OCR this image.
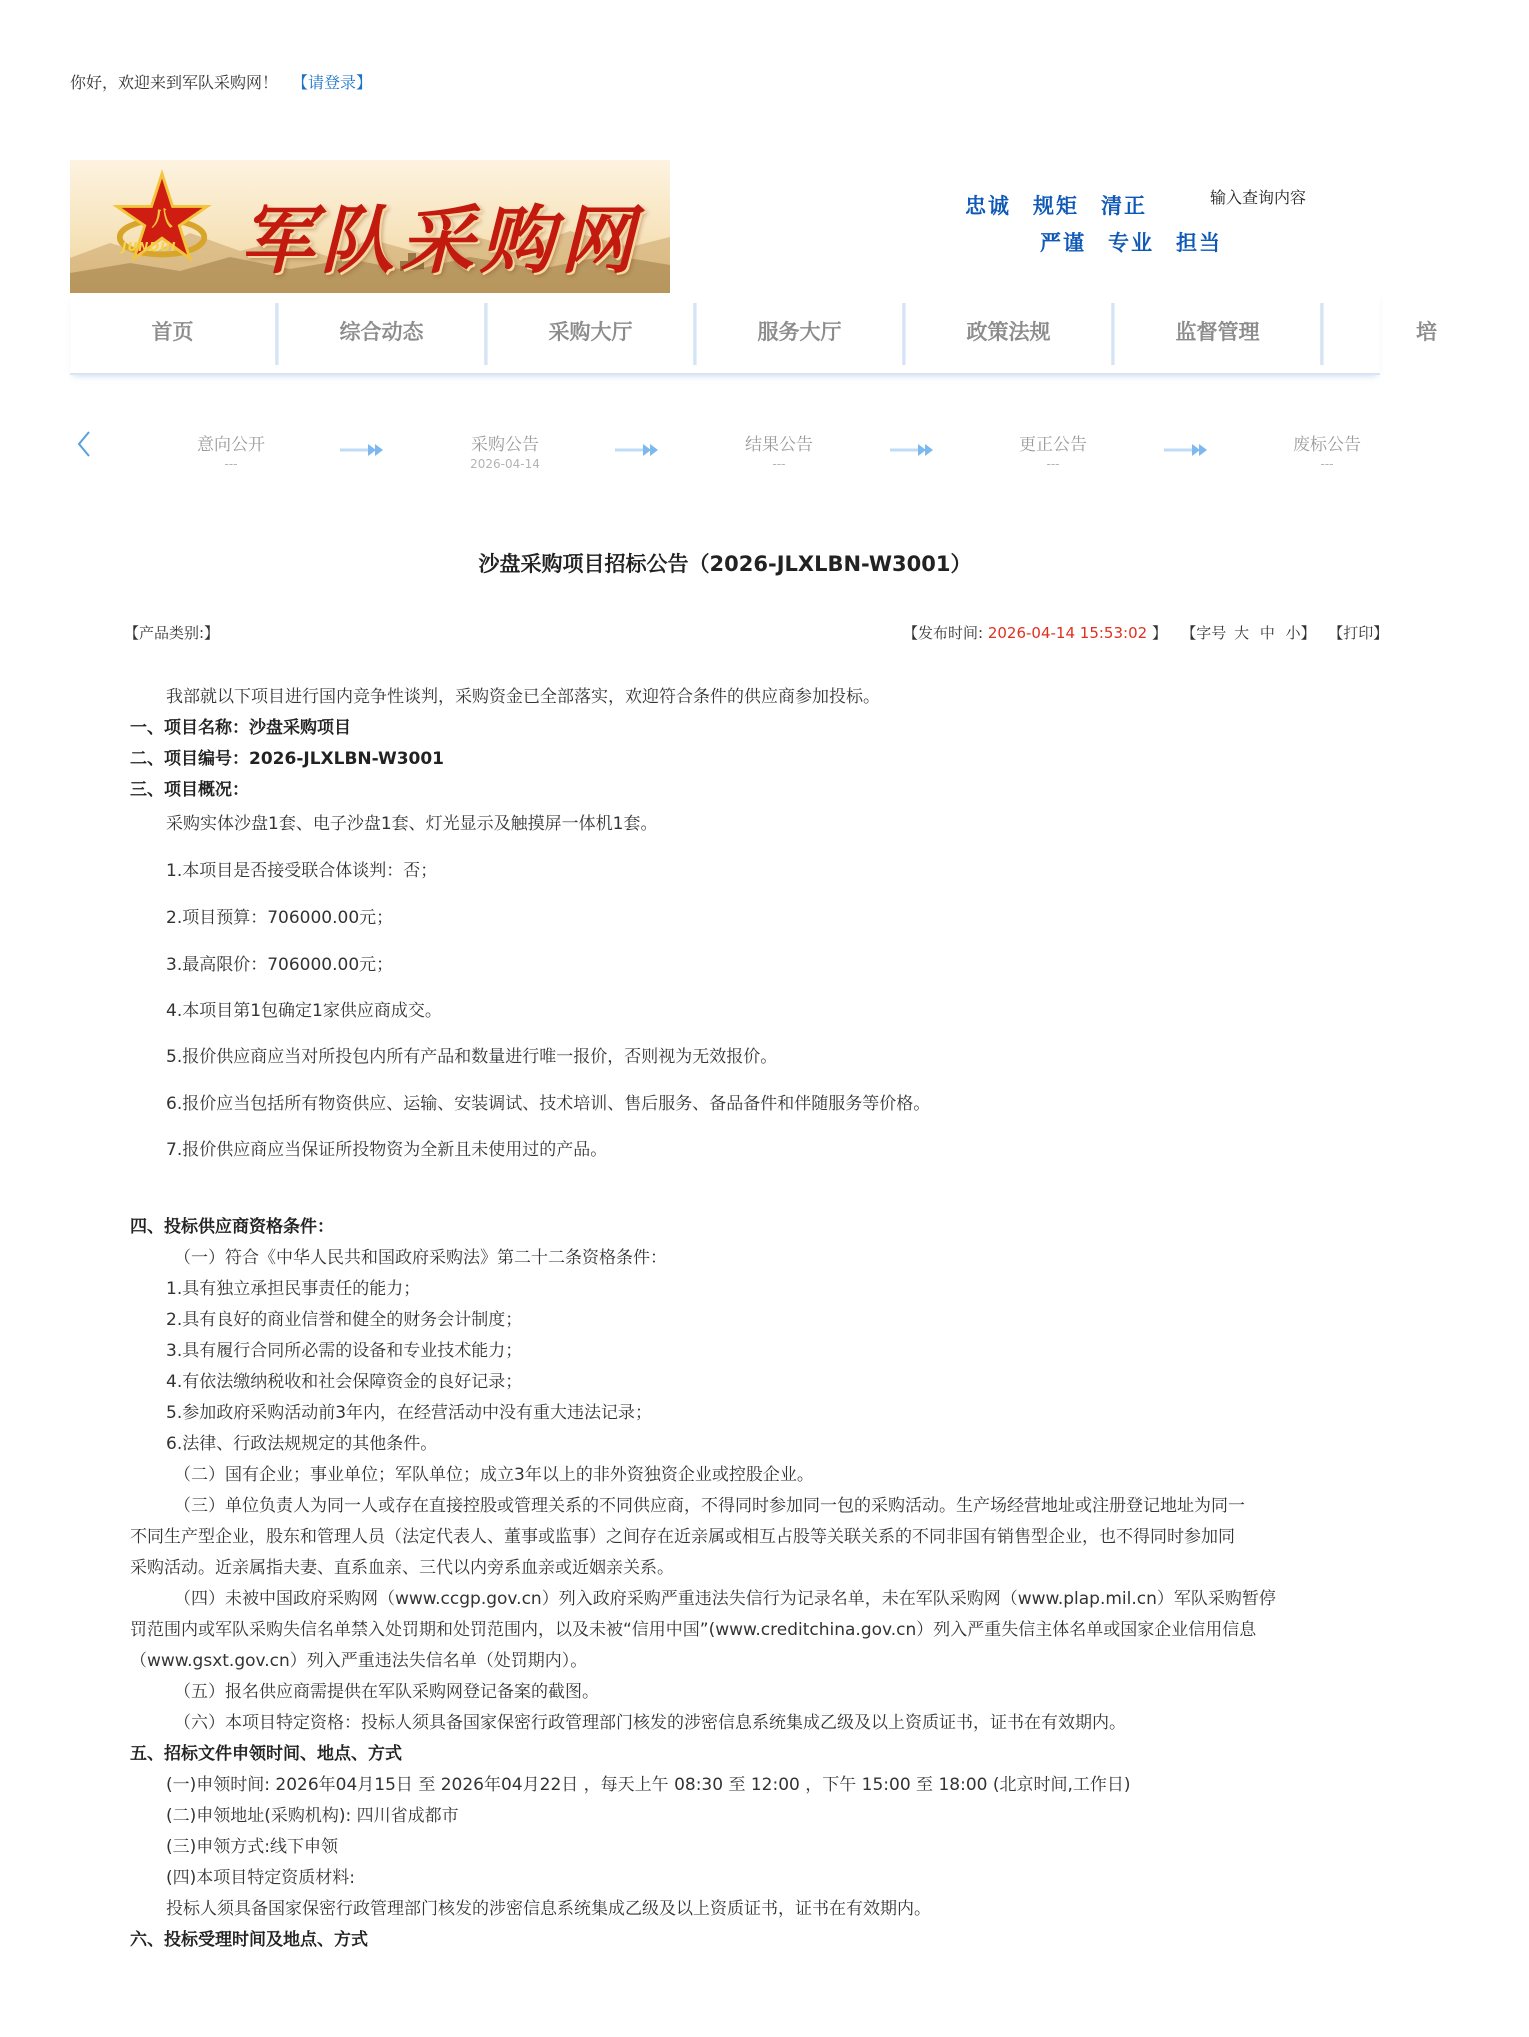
你好，欢迎来到军队采购网！ 【请登录】
八
JUNDUI 军队采购网	忠诚 规矩 清正
严谨 专业 担当
输入查询内容
首页	综合动态	采购大厅	服务大厅	政策法规	监督管理	培
意向公开
---
采购公告
2026-04-14
结果公告
---
更正公告
---
废标公告
---
沙盘采购项目招标公告（2026-JLXLBN-W3001）
【产品类别:】	【发布时间: 2026-04-14 15:53:02 】 【字号 大 中 小】 【打印】
我部就以下项目进行国内竞争性谈判，采购资金已全部落实，欢迎符合条件的供应商参加投标。
一、项目名称：沙盘采购项目
二、项目编号：2026-JLXLBN-W3001
三、项目概况：
采购实体沙盘1套、电子沙盘1套、灯光显示及触摸屏一体机1套。
1.本项目是否接受联合体谈判：否；
2.项目预算：706000.00元；
3.最高限价：706000.00元；
4.本项目第1包确定1家供应商成交。
5.报价供应商应当对所投包内所有产品和数量进行唯一报价，否则视为无效报价。
6.报价应当包括所有物资供应、运输、安装调试、技术培训、售后服务、备品备件和伴随服务等价格。
7.报价供应商应当保证所投物资为全新且未使用过的产品。
四、投标供应商资格条件：
（一）符合《中华人民共和国政府采购法》第二十二条资格条件：
1.具有独立承担民事责任的能力；
2.具有良好的商业信誉和健全的财务会计制度；
3.具有履行合同所必需的设备和专业技术能力；
4.有依法缴纳税收和社会保障资金的良好记录；
5.参加政府采购活动前3年内，在经营活动中没有重大违法记录；
6.法律、行政法规规定的其他条件。
（二）国有企业；事业单位；军队单位；成立3年以上的非外资独资企业或控股企业。
（三）单位负责人为同一人或存在直接控股或管理关系的不同供应商，不得同时参加同一包的采购活动。生产场经营地址或注册登记地址为同一
不同生产型企业，股东和管理人员（法定代表人、董事或监事）之间存在近亲属或相互占股等关联关系的不同非国有销售型企业，也不得同时参加同
采购活动。近亲属指夫妻、直系血亲、三代以内旁系血亲或近姻亲关系。
（四）未被中国政府采购网（www.ccgp.gov.cn）列入政府采购严重违法失信行为记录名单，未在军队采购网（www.plap.mil.cn）军队采购暂停
罚范围内或军队采购失信名单禁入处罚期和处罚范围内，以及未被“信用中国”(www.creditchina.gov.cn）列入严重失信主体名单或国家企业信用信息
（www.gsxt.gov.cn）列入严重违法失信名单（处罚期内）。
（五）报名供应商需提供在军队采购网登记备案的截图。
（六）本项目特定资格：投标人须具备国家保密行政管理部门核发的涉密信息系统集成乙级及以上资质证书，证书在有效期内。
五、招标文件申领时间、地点、方式
(一)申领时间: 2026年04月15日 至 2026年04月22日 ，每天上午 08:30 至 12:00 ，下午 15:00 至 18:00 (北京时间,工作日)
(二)申领地址(采购机构): 四川省成都市
(三)申领方式:线下申领
(四)本项目特定资质材料:
投标人须具备国家保密行政管理部门核发的涉密信息系统集成乙级及以上资质证书，证书在有效期内。
六、投标受理时间及地点、方式
